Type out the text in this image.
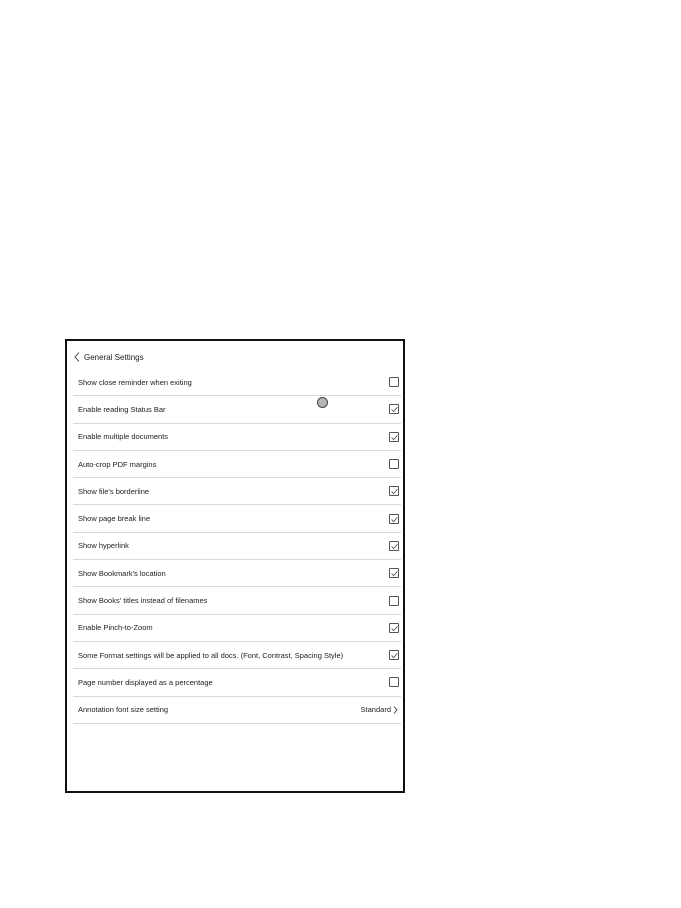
General Settings
Show close reminder when exiting
Enable reading Status Bar
Enable multiple documents
Auto-crop PDF margins
Show file's borderline
Show page break line
Show hyperlink
Show Bookmark's location
Show Books' titles instead of filenames
Enable Pinch-to-Zoom
Some Format settings will be applied to all docs. (Font, Contrast, Spacing Style)
Page number displayed as a percentage
Annotation font size setting	Standard
